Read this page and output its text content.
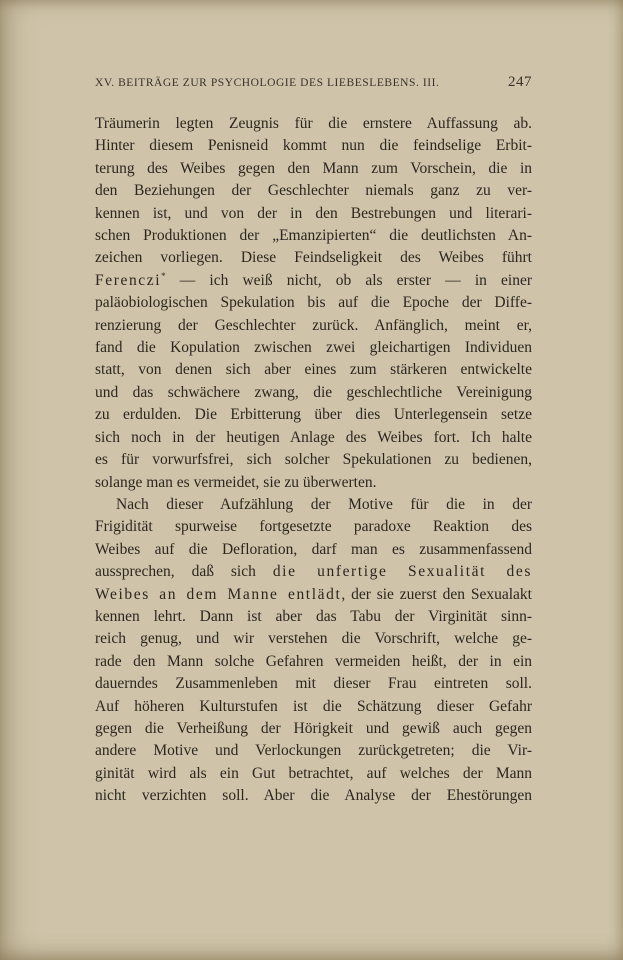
XV. BEITRÄGE ZUR PSYCHOLOGIE DES LIEBESLEBENS. III.	247
Träumerin legten Zeugnis für die ernstere Auffassung ab.
Hinter diesem Penisneid kommt nun die feindselige Erbit-
terung des Weibes gegen den Mann zum Vorschein, die in
den Beziehungen der Geschlechter niemals ganz zu ver-
kennen ist, und von der in den Bestrebungen und literari-
schen Produktionen der „Emanzipierten“ die deutlichsten An-
zeichen vorliegen. Diese Feindseligkeit des Weibes führt
Ferenczi* — ich weiß nicht, ob als erster — in einer
paläobiologischen Spekulation bis auf die Epoche der Diffe-
renzierung der Geschlechter zurück. Anfänglich, meint er,
fand die Kopulation zwischen zwei gleichartigen Individuen
statt, von denen sich aber eines zum stärkeren entwickelte
und das schwächere zwang, die geschlechtliche Vereinigung
zu erdulden. Die Erbitterung über dies Unterlegensein setze
sich noch in der heutigen Anlage des Weibes fort. Ich halte
es für vorwurfsfrei, sich solcher Spekulationen zu bedienen,
solange man es vermeidet, sie zu überwerten.
Nach dieser Aufzählung der Motive für die in der
Frigidität spurweise fortgesetzte paradoxe Reaktion des
Weibes auf die Defloration, darf man es zusammenfassend
aussprechen, daß sich die unfertige Sexualität des
Weibes an dem Manne entlädt, der sie zuerst den Sexualakt
kennen lehrt. Dann ist aber das Tabu der Virginität sinn-
reich genug, und wir verstehen die Vorschrift, welche ge-
rade den Mann solche Gefahren vermeiden heißt, der in ein
dauerndes Zusammenleben mit dieser Frau eintreten soll.
Auf höheren Kulturstufen ist die Schätzung dieser Gefahr
gegen die Verheißung der Hörigkeit und gewiß auch gegen
andere Motive und Verlockungen zurückgetreten; die Vir-
ginität wird als ein Gut betrachtet, auf welches der Mann
nicht verzichten soll. Aber die Analyse der Ehestörungen
